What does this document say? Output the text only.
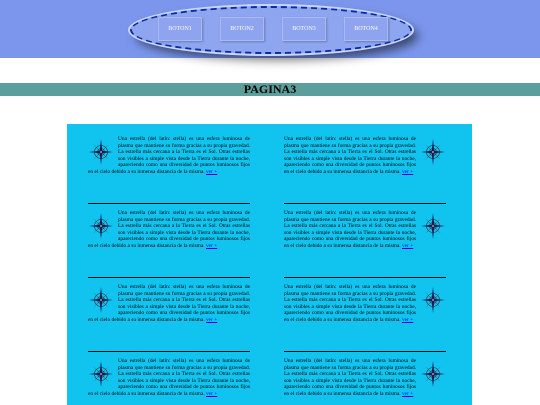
BOTON1	BOTON2	BOTON3	BOTON4
PAGINA3
Una estrella (del latín: stella) es una esfera luminosa de plasma que mantiene su forma gracias a su propia gravedad. La estrella más cercana a la Tierra es el Sol. Otras estrellas son visibles a simple vista desde la Tierra durante la noche, apareciendo como una diversidad de puntos luminosos fijos en el cielo debido a su inmensa distancia de la misma. ver +
Una estrella (del latín: stella) es una esfera luminosa de plasma que mantiene su forma gracias a su propia gravedad. La estrella más cercana a la Tierra es el Sol. Otras estrellas son visibles a simple vista desde la Tierra durante la noche, apareciendo como una diversidad de puntos luminosos fijos en el cielo debido a su inmensa distancia de la misma. ver +
Una estrella (del latín: stella) es una esfera luminosa de plasma que mantiene su forma gracias a su propia gravedad. La estrella más cercana a la Tierra es el Sol. Otras estrellas son visibles a simple vista desde la Tierra durante la noche, apareciendo como una diversidad de puntos luminosos fijos en el cielo debido a su inmensa distancia de la misma. ver +
Una estrella (del latín: stella) es una esfera luminosa de plasma que mantiene su forma gracias a su propia gravedad. La estrella más cercana a la Tierra es el Sol. Otras estrellas son visibles a simple vista desde la Tierra durante la noche, apareciendo como una diversidad de puntos luminosos fijos en el cielo debido a su inmensa distancia de la misma. ver +
Una estrella (del latín: stella) es una esfera luminosa de plasma que mantiene su forma gracias a su propia gravedad. La estrella más cercana a la Tierra es el Sol. Otras estrellas son visibles a simple vista desde la Tierra durante la noche, apareciendo como una diversidad de puntos luminosos fijos en el cielo debido a su inmensa distancia de la misma. ver +
Una estrella (del latín: stella) es una esfera luminosa de plasma que mantiene su forma gracias a su propia gravedad. La estrella más cercana a la Tierra es el Sol. Otras estrellas son visibles a simple vista desde la Tierra durante la noche, apareciendo como una diversidad de puntos luminosos fijos en el cielo debido a su inmensa distancia de la misma. ver +
Una estrella (del latín: stella) es una esfera luminosa de plasma que mantiene su forma gracias a su propia gravedad. La estrella más cercana a la Tierra es el Sol. Otras estrellas son visibles a simple vista desde la Tierra durante la noche, apareciendo como una diversidad de puntos luminosos fijos en el cielo debido a su inmensa distancia de la misma. ver +
Una estrella (del latín: stella) es una esfera luminosa de plasma que mantiene su forma gracias a su propia gravedad. La estrella más cercana a la Tierra es el Sol. Otras estrellas son visibles a simple vista desde la Tierra durante la noche, apareciendo como una diversidad de puntos luminosos fijos en el cielo debido a su inmensa distancia de la misma. ver +
